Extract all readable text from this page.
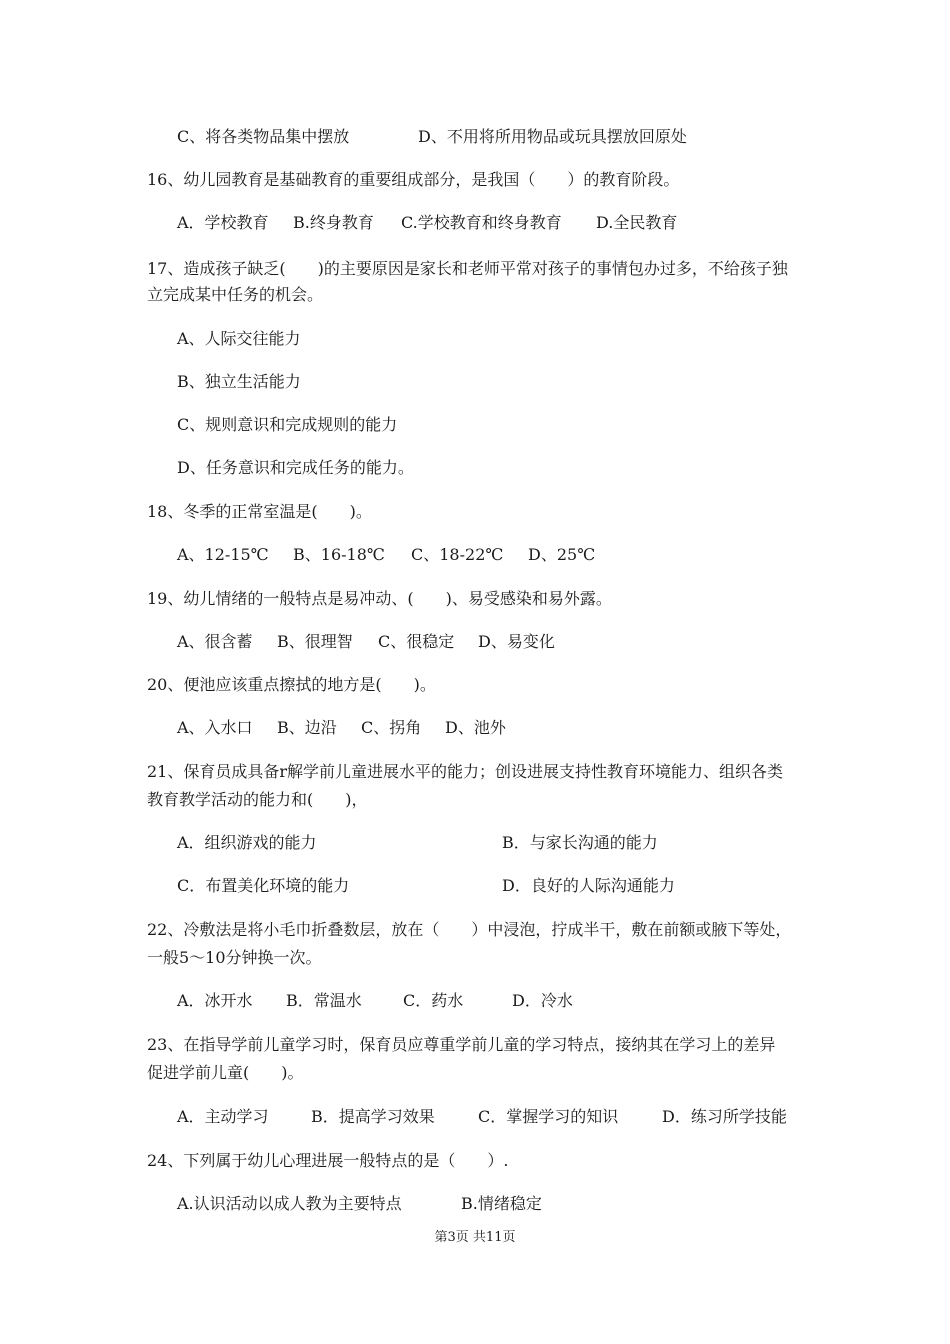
C、将各类物品集中摆放	D、不用将所用物品或玩具摆放回原处
16、幼儿园教育是基础教育的重要组成部分，是我国（　　）的教育阶段。
A．学校教育 B.终身教育 C.学校教育和终身教育 D.全民教育
17、造成孩子缺乏(　　)的主要原因是家长和老师平常对孩子的事情包办过多，不给孩子独
立完成某中任务的机会。
A、人际交往能力
B、独立生活能力
C、规则意识和完成规则的能力
D、任务意识和完成任务的能力。
18、冬季的正常室温是(　　)。
A、12-15℃ B、16-18℃ C、18-22℃ D、25℃
19、幼儿情绪的一般特点是易冲动、(　　)、易受感染和易外露。
A、很含蓄 B、很理智 C、很稳定 D、易变化
20、便池应该重点擦拭的地方是(　　)。
A、入水口 B、边沿 C、拐角 D、池外
21、保育员成具备r解学前儿童进展水平的能力；创设进展支持性教育环境能力、组织各类
教育教学活动的能力和(　　)，
A．组织游戏的能力	B．与家长沟通的能力
C．布置美化环境的能力	D．良好的人际沟通能力
22、冷敷法是将小毛巾折叠数层，放在（　　）中浸泡，拧成半干，敷在前额或腋下等处，
一般5～10分钟换一次。
A．冰开水 B．常温水	C．药水	D．冷水
23、在指导学前儿童学习时，保育员应尊重学前儿童的学习特点，接纳其在学习上的差异
促进学前儿童(　　)。
A．主动学习	B．提高学习效果	C．掌握学习的知识	D．练习所学技能
24、下列属于幼儿心理进展一般特点的是（　　）.
A.认识活动以成人教为主要特点	B.情绪稳定
第3页 共11页
